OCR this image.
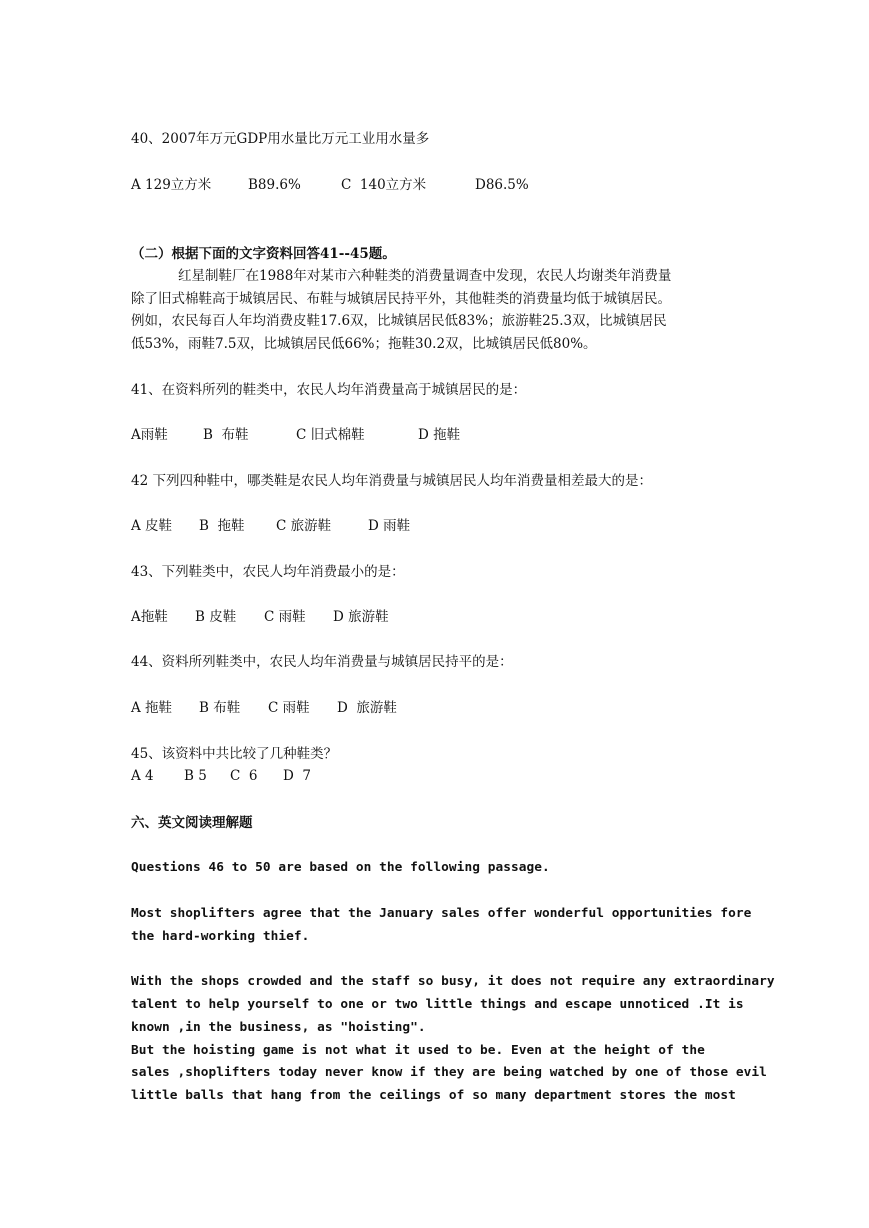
40、2007年万元GDP用水量比万元工业用水量多
A 129立方米	B89.6%	C  140立方米	D86.5%
（二）根据下面的文字资料回答41--45题。
红星制鞋厂在1988年对某市六种鞋类的消费量调查中发现，农民人均谢类年消费量
除了旧式棉鞋高于城镇居民、布鞋与城镇居民持平外，其他鞋类的消费量均低于城镇居民。
例如，农民每百人年均消费皮鞋17.6双，比城镇居民低83%；旅游鞋25.3双，比城镇居民
低53%，雨鞋7.5双，比城镇居民低66%；拖鞋30.2双，比城镇居民低80%。
41、在资料所列的鞋类中，农民人均年消费量高于城镇居民的是：
A雨鞋	B  布鞋	C 旧式棉鞋	D 拖鞋
42 下列四种鞋中，哪类鞋是农民人均年消费量与城镇居民人均年消费量相差最大的是：
A 皮鞋 B  拖鞋 C 旅游鞋	D 雨鞋
43、下列鞋类中，农民人均年消费最小的是：
A拖鞋 B 皮鞋 C 雨鞋 D 旅游鞋
44、资料所列鞋类中，农民人均年消费量与城镇居民持平的是：
A 拖鞋 B 布鞋 C 雨鞋 D  旅游鞋
45、该资料中共比较了几种鞋类？
A 4 B 5 C  6 D  7
六、英文阅读理解题
Questions 46 to 50 are based on the following passage.
Most shoplifters agree that the January sales offer wonderful opportunities fore
the hard-working thief.
With the shops crowded and the staff so busy, it does not require any extraordinary
talent to help yourself to one or two little things and escape unnoticed .It is
known ,in the business, as "hoisting".
But the hoisting game is not what it used to be. Even at the height of the
sales ,shoplifters today never know if they are being watched by one of those evil
little balls that hang from the ceilings of so many department stores the most
